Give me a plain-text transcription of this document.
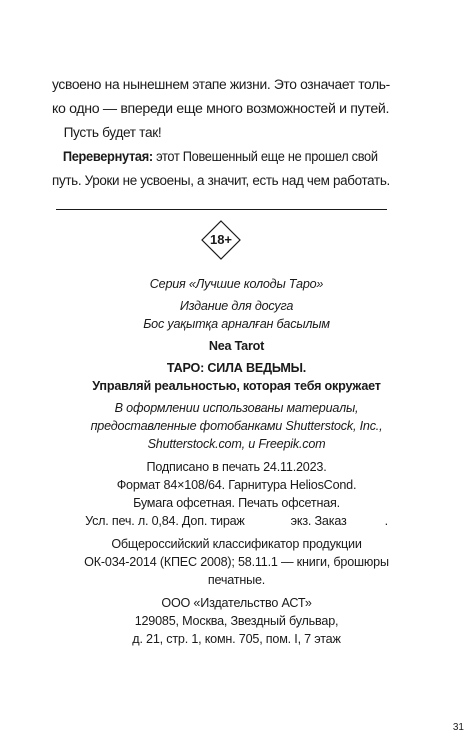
усвоено на нынешнем этапе жизни. Это означает толь-

ко одно — впереди еще много возможностей и путей.

Пусть будет так!

Перевернутая: этот Повешенный еще не прошел свой

путь. Уроки не усвоены, а значит, есть над чем работать.

18+
Серия «Лучшие колоды Таро»
Издание для досуга
Бос уақытқа арналған басылым
Nea Tarot
ТАРО: СИЛА ВЕДЬМЫ.
Управляй реальностью, которая тебя окружает
В оформлении использованы материалы,
предоставленные фотобанками Shutterstock, Inc.,
Shutterstock.com, и Freepik.com
Подписано в печать 24.11.2023.
Формат 84×108/64. Гарнитура HeliosCond.
Бумага офсетная. Печать офсетная.
Усл. печ. л. 0,84. Доп. тираж	экз. Заказ	.
Общероссийский классификатор продукции
ОК-034-2014 (КПЕС 2008); 58.11.1 — книги, брошюры
печатные.
ООО «Издательство АСТ»
129085, Москва, Звездный бульвар,
д. 21, стр. 1, комн. 705, пом. I, 7 этаж
31
